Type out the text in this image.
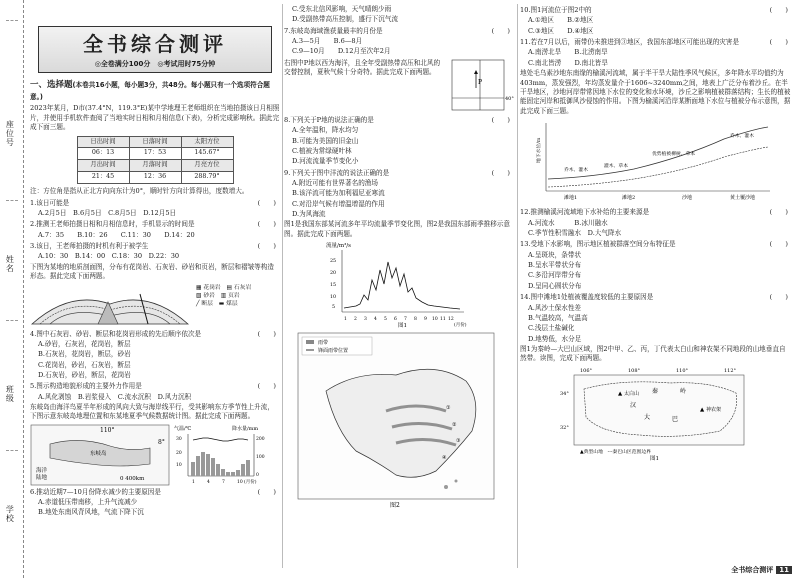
座位号
姓名
班级
学校
全书综合测评
◎全卷满分100分　◎考试用时75分钟
一、选择题(本卷共16小题，每小题3分，共48分。每小题只有一个选项符合题意。)

2023年某月，D市(37.4°N，119.3°E)某中学地理王老师组织在当地拍摄该日月相照片，并使用手机软件查阅了当地实时日相和月相信息(下表)，分析完成影响秋。据此完成下面三题。

日出时间	日落时间	太阳方位
06：13	17：53	145.67°
月出时间	月落时间	月亮方位
21：45	12：36	288.79°

注：方位角是指从正北方向向东计为0°，顺时针方向计算得出，度数增大。

1.该日可能是	(　　)

A.2月5日　B.6月5日　C.8月5日　D.12月5日

2.推测王老师拍摄日相和月相信息时，手机显示的时间是	(　　)

A.7：35　　B.10：26　　C.11：30　　D.14：20

3.该日，王老师拍摄的时机有利于被学生	(　　)

A.10：30　B.14：00　C.18：30　D.22：30

下图为某地的地质剖面图，分布有花岗岩、石灰岩、砂岩和页岩，断层和褶皱等构造形态。据此完成下面两题。

▦ 花岗岩　▤ 石灰岩
▧ 砂岩　▥ 页岩
╱ 断层　▬ 煤层

4.图中石灰岩、砂岩、断层和花岗岩形成的先后顺序依次是	(　　)

A.砂岩，石灰岩，花岗岩，断层

B.石灰岩，花岗岩，断层，砂岩

C.花岗岩，砂岩，石灰岩，断层

D.石灰岩，砂岩，断层，花岗岩

5.图示构造地貌形成的主要外力作用是	(　　)

A.风化剥蚀　B.岩浆侵入　C.流水沉积　D.风力沉积

东岐岛由海洋鸟夏半年形成的风向大致与海岸线平行，受其影响东方季节性上升流，下图示意东岐岛地理位置和东某地夏季气候数据统计图。据此完成下面两题。

110°
8°
东岐岛
海洋
陆地	0 400km
气温/℃	降水量/mm
30
20
10
200
100
0
1	4	7	10 (月份)

6.推动近期7—10月份降水减少的主要原因是	(　　)

A.赤道低压带南移，上升气流减少

B.地处东南风背风地，气流下降下沉

C.受东北信风影响，天气晴朗少雨

D.受副热带高压控制，盛行下沉气流

7.东岐岛海域渔获量最丰的月份是	(　　)

A.3—5月　　B.6—8月

C.9—10月　　D.12月至次年2月

右图中P地以西为海洋，且全年受副热带高压和北风的交替控制，夏秋气候十分奇特。据此完成下面两题。

P
40°

8.下列关于P地的说法正确的是	(　　)

A.全年温和，降水均匀

B.可能为美国的旧金山

C.植被为常绿硬叶林

D.河流流量季节变化小

9.下列关于图中洋流的说法正确的是	(　　)

A.附近可能有世界著名的渔场

B.该洋流可能为加利福尼亚寒流

C.对沿岸气候有增温增湿的作用

D.为风海流

图1是我国东部某河流多年平均流量季节变化图，图2是我国东部雨季推移示意图。据此完成下面两题。

流量/m³/s
25
20
15
10
5
1 2 3 4 5 6 7 8 9 10 11 12
(月份)
图1

雨带
锋面雨带位置
①
②
③
④
图2

10.图1河流位于图2中的	(　　)

A.①地区　　B.②地区

C.③地区　　D.④地区

11.若在7月以后，雨带仍未推进到③地区，我国东部地区可能出现的灾害是	(　　)

A.南涝北旱　　B.北涝南旱

C.南北皆涝　　D.南北皆旱

地处毛乌素沙地东南缘的榆溪河流域，属于半干旱大陆性季风气候区，多年降水平均值约为403mm，蒸发强烈，年均蒸发量介于1606~3240mm之间，地表上广泛分布着沙丘。在半干旱地区，沙地河岸带常因地下水位的变化和水环境，沙丘之影响植被群落结构；生长的植被能固定河岸和抵御风沙侵蚀的作用。下图为榆溪河沿岸某断面地下水位与植被分布示意图，据此完成下面三题。

地下水位/m
乔木、灌木
灌木、草本
优势植被柳树、草本
乔木、灌木
滩地1	滩地2	沙地	黄土覆沙地

12.推测榆溪河流域地下水补给的主要来源是	(　　)

A.河流水　　　B.冰川融水

C.季节性积雪融水　D.大气降水

13.受地下水影响，图示地区植被群落空间分布特征是	(　　)

A.呈斑块，条带状

B.呈水平带状分布

C.多沿河岸带分布

D.呈同心圆状分布

14.图中滩地1处植被覆盖度较低的主要原因是	(　　)

A.风沙土保水性差

B.气温较高，气温高

C.浅层土盐碱化

D.地势低，水分足

图1为秦岭—大巴山区域，图2中甲、乙、丙，丁代表太白山和神农架不同地段的山地垂直自然带。读图，完成下面两题。

106°	108°	110°	112°
34°
32°
▲ 太白山 秦	岭
大	巴
▲ 神农架
汉
▲典型山地　---秦巴山区范围边界
图1
全书综合测评 11
